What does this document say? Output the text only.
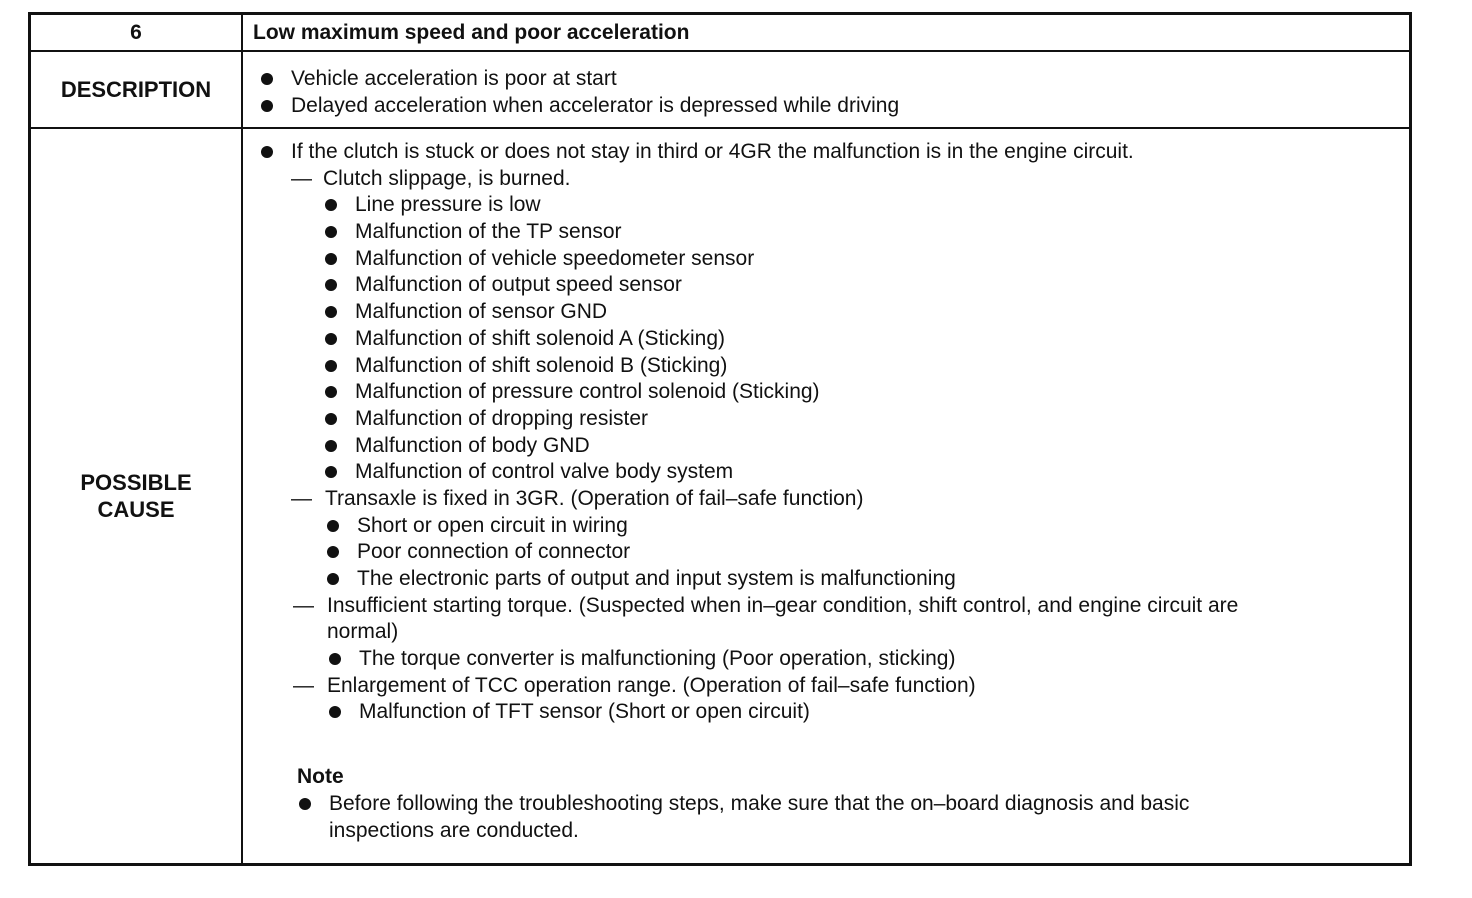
6	Low maximum speed and poor acceleration
DESCRIPTION	Vehicle acceleration is poor at start
Delayed acceleration when accelerator is depressed while driving
POSSIBLE
CAUSE
If the clutch is stuck or does not stay in third or 4GR the malfunction is in the engine circuit.
— Clutch slippage, is burned.
Line pressure is low
Malfunction of the TP sensor
Malfunction of vehicle speedometer sensor
Malfunction of output speed sensor
Malfunction of sensor GND
Malfunction of shift solenoid A (Sticking)
Malfunction of shift solenoid B (Sticking)
Malfunction of pressure control solenoid (Sticking)
Malfunction of dropping resister
Malfunction of body GND
Malfunction of control valve body system
— Transaxle is fixed in 3GR. (Operation of fail–safe function)
Short or open circuit in wiring
Poor connection of connector
The electronic parts of output and input system is malfunctioning
— Insufficient starting torque. (Suspected when in–gear condition, shift control, and engine circuit are
normal)
The torque converter is malfunctioning (Poor operation, sticking)
— Enlargement of TCC operation range. (Operation of fail–safe function)
Malfunction of TFT sensor (Short or open circuit)
Note
Before following the troubleshooting steps, make sure that the on–board diagnosis and basic
inspections are conducted.
